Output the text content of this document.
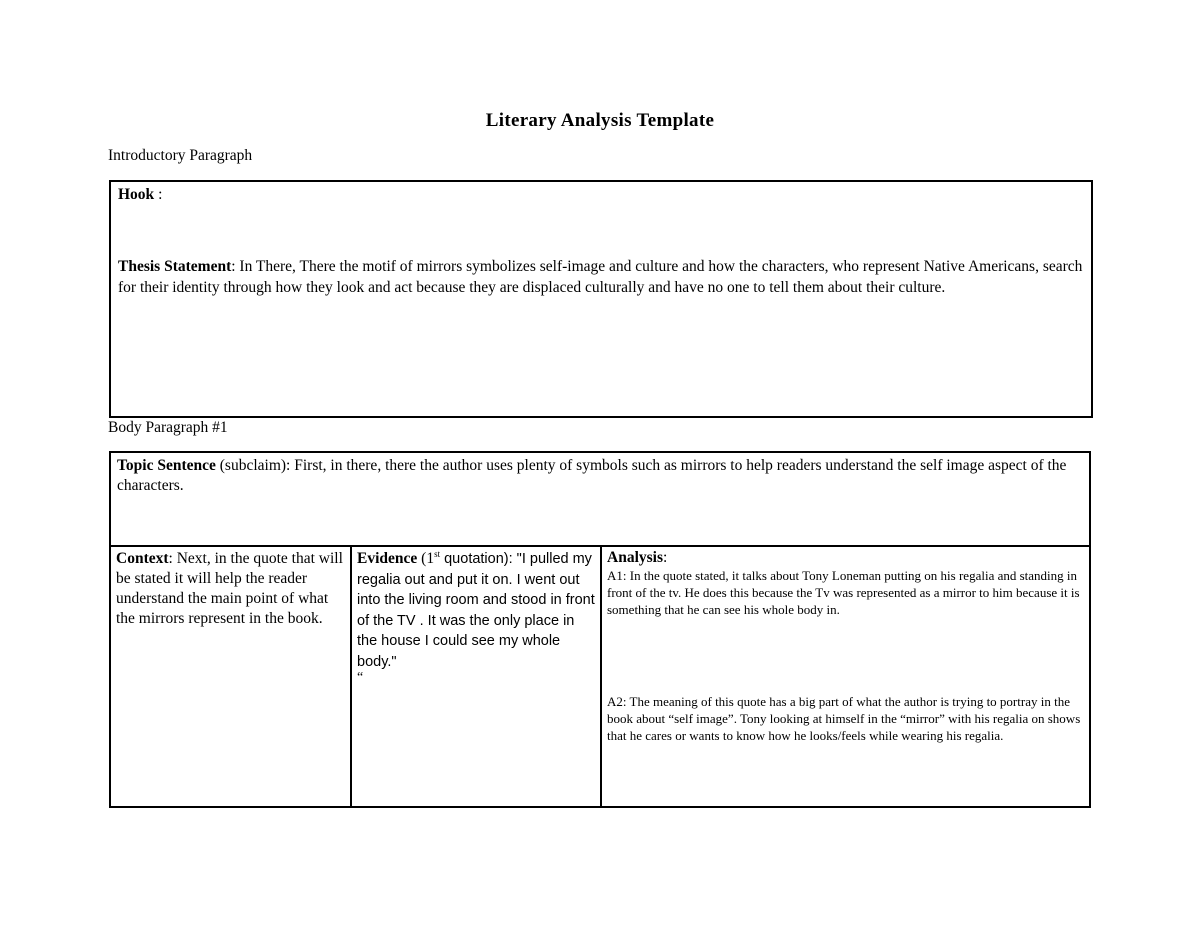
Literary Analysis Template
Introductory Paragraph
Hook :
Thesis Statement: In There, There the motif of mirrors symbolizes self-image and culture and how the characters, who represent Native Americans, search for their identity through how they look and act because they are displaced culturally and have no one to tell them about their culture.
Body Paragraph #1
Topic Sentence (subclaim): First, in there, there the author uses plenty of symbols such as mirrors to help readers understand the self image aspect of the characters.
Context: Next, in the quote that will be stated it will help the reader understand the main point of what the mirrors represent in the book.
Evidence (1st quotation): "I pulled my regalia out and put it on. I went out into the living room and stood in front of the TV . It was the only place in the house I could see my whole body."
“
Analysis:
A1: In the quote stated, it talks about Tony Loneman putting on his regalia and standing in front of the tv. He does this because the Tv was represented as a mirror to him because it is something that he can see his whole body in.
A2: The meaning of this quote has a big part of what the author is trying to portray in the book about “self image”. Tony looking at himself in the “mirror” with his regalia on shows that he cares or wants to know how he looks/feels while wearing his regalia.
